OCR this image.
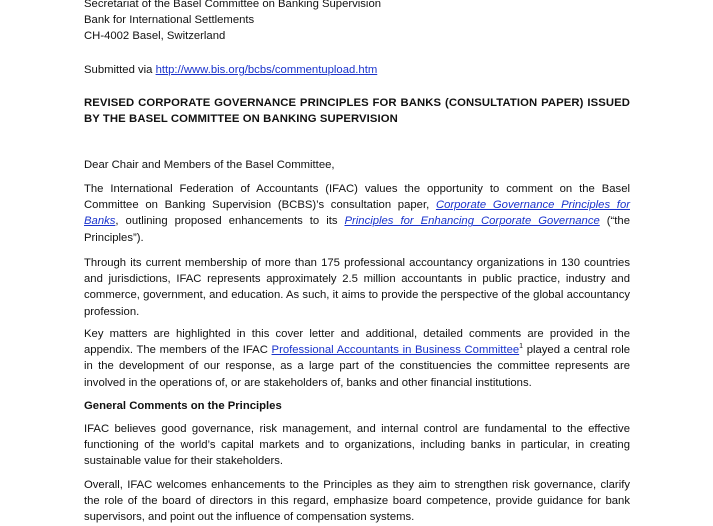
Secretariat of the Basel Committee on Banking Supervision
Bank for International Settlements
CH-4002 Basel, Switzerland
Submitted via http://www.bis.org/bcbs/commentupload.htm
REVISED CORPORATE GOVERNANCE PRINCIPLES FOR BANKS (CONSULTATION PAPER) ISSUED BY THE BASEL COMMITTEE ON BANKING SUPERVISION
Dear Chair and Members of the Basel Committee,

The International Federation of Accountants (IFAC) values the opportunity to comment on the Basel Committee on Banking Supervision (BCBS)’s consultation paper, Corporate Governance Principles for Banks, outlining proposed enhancements to its Principles for Enhancing Corporate Governance (“the Principles”).

Through its current membership of more than 175 professional accountancy organizations in 130 countries and jurisdictions, IFAC represents approximately 2.5 million accountants in public practice, industry and commerce, government, and education. As such, it aims to provide the perspective of the global accountancy profession.

Key matters are highlighted in this cover letter and additional, detailed comments are provided in the appendix. The members of the IFAC Professional Accountants in Business Committee$^1$ played a central role in the development of our response, as a large part of the constituencies the committee represents are involved in the operations of, or are stakeholders of, banks and other financial institutions.

General Comments on the Principles

IFAC believes good governance, risk management, and internal control are fundamental to the effective functioning of the world’s capital markets and to organizations, including banks in particular, in creating sustainable value for their stakeholders.

Overall, IFAC welcomes enhancements to the Principles as they aim to strengthen risk governance, clarify the role of the board of directors in this regard, emphasize board competence, provide guidance for bank supervisors, and point out the influence of compensation systems.
